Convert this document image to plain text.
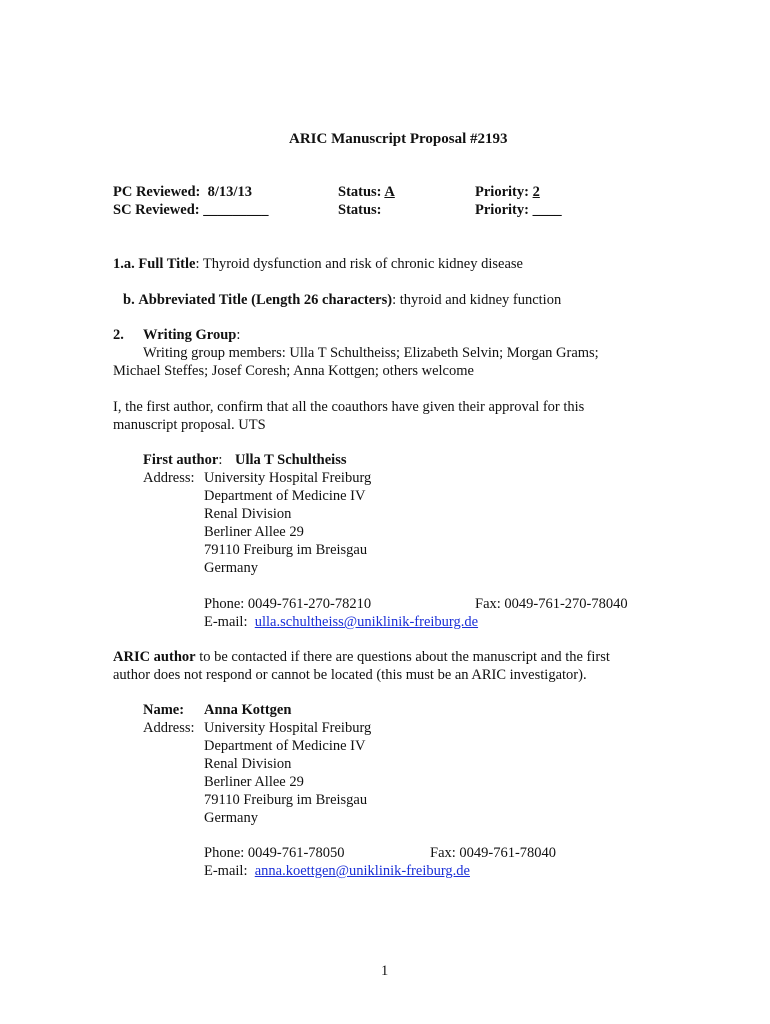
ARIC Manuscript Proposal #2193
PC Reviewed: 8/13/13
SC Reviewed: _________
Status: A
Status:
Priority: 2
Priority: ____
1.a. Full Title: Thyroid dysfunction and risk of chronic kidney disease
b. Abbreviated Title (Length 26 characters): thyroid and kidney function
2. Writing Group:
Writing group members: Ulla T Schultheiss; Elizabeth Selvin; Morgan Grams;
Michael Steffes; Josef Coresh; Anna Kottgen; others welcome
I, the first author, confirm that all the coauthors have given their approval for this
manuscript proposal. UTS
First author: Ulla T Schultheiss
Address: University Hospital Freiburg
Department of Medicine IV
Renal Division
Berliner Allee 29
79110 Freiburg im Breisgau
Germany
Phone: 0049-761-270-78210	Fax: 0049-761-270-78040
E-mail: ulla.schultheiss@uniklinik-freiburg.de
ARIC author to be contacted if there are questions about the manuscript and the first
author does not respond or cannot be located (this must be an ARIC investigator).
Name: Anna Kottgen
Address: University Hospital Freiburg
Department of Medicine IV
Renal Division
Berliner Allee 29
79110 Freiburg im Breisgau
Germany
Phone: 0049-761-78050	Fax: 0049-761-78040
E-mail: anna.koettgen@uniklinik-freiburg.de
1
